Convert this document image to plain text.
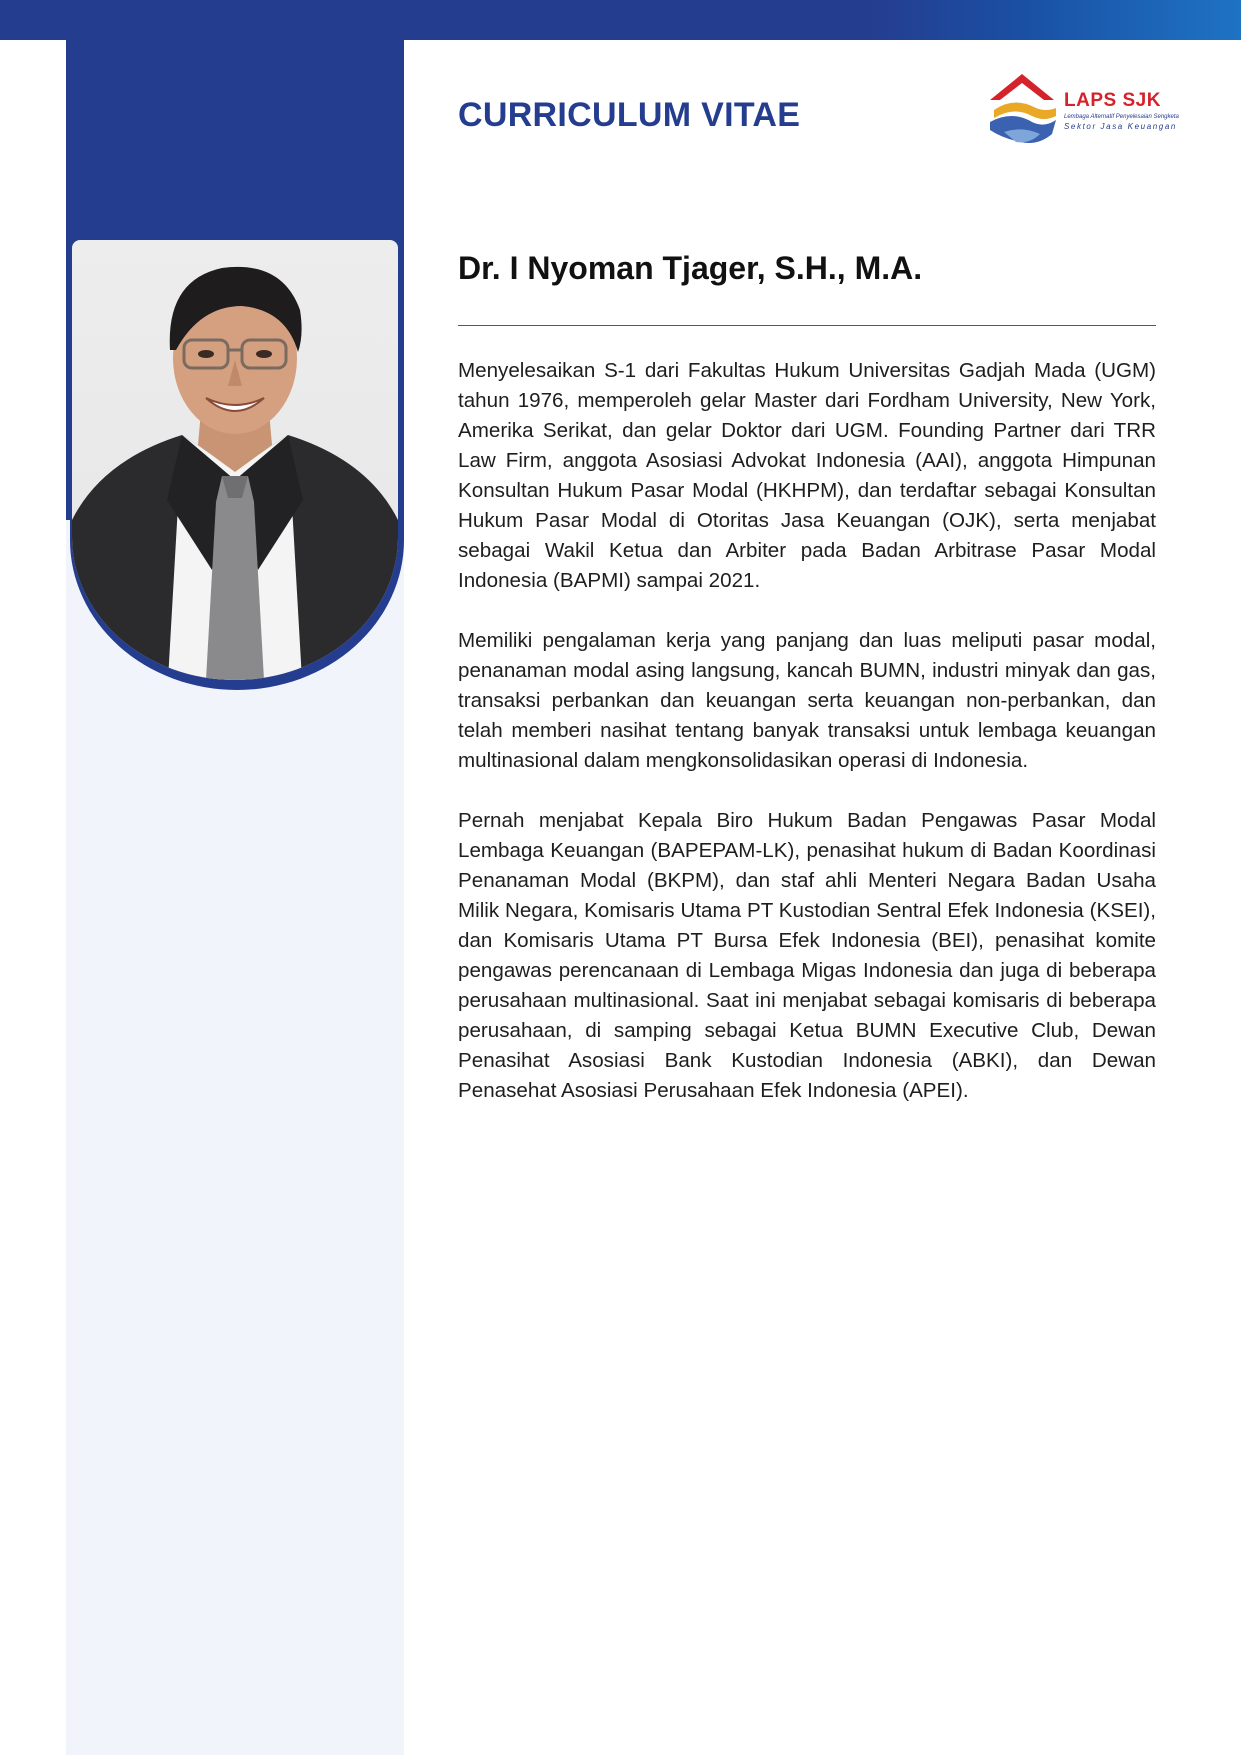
CURRICULUM VITAE	LAPS SJK
Lembaga Alternatif Penyelesaian Sengketa
Sektor Jasa Keuangan
Dr. I Nyoman Tjager, S.H., M.A.

Menyelesaikan S-1 dari Fakultas Hukum Universitas Gadjah Mada (UGM) tahun 1976, memperoleh gelar Master dari Fordham University, New York, Amerika Serikat, dan gelar Doktor dari UGM. Founding Partner dari TRR Law Firm, anggota Asosiasi Advokat Indonesia (AAI), anggota Himpunan Konsultan Hukum Pasar Modal (HKHPM), dan terdaftar sebagai Konsultan Hukum Pasar Modal di Otoritas Jasa Keuangan (OJK), serta menjabat sebagai Wakil Ketua dan Arbiter pada Badan Arbitrase Pasar Modal Indonesia (BAPMI) sampai 2021.

Memiliki pengalaman kerja yang panjang dan luas meliputi pasar modal, penanaman modal asing langsung, kancah BUMN, industri minyak dan gas, transaksi perbankan dan keuangan serta keuangan non-perbankan, dan telah memberi nasihat tentang banyak transaksi untuk lembaga keuangan multinasional dalam mengkonsolidasikan operasi di Indonesia.

Pernah menjabat Kepala Biro Hukum Badan Pengawas Pasar Modal Lembaga Keuangan (BAPEPAM-LK), penasihat hukum di Badan Koordinasi Penanaman Modal (BKPM), dan staf ahli Menteri Negara Badan Usaha Milik Negara, Komisaris Utama PT Kustodian Sentral Efek Indonesia (KSEI), dan Komisaris Utama PT Bursa Efek Indonesia (BEI), penasihat komite pengawas perencanaan di Lembaga Migas Indonesia dan juga di beberapa perusahaan multinasional. Saat ini menjabat sebagai komisaris di beberapa perusahaan, di samping sebagai Ketua BUMN Executive Club, Dewan Penasihat Asosiasi Bank Kustodian Indonesia (ABKI), dan Dewan Penasehat Asosiasi Perusahaan Efek Indonesia (APEI).
